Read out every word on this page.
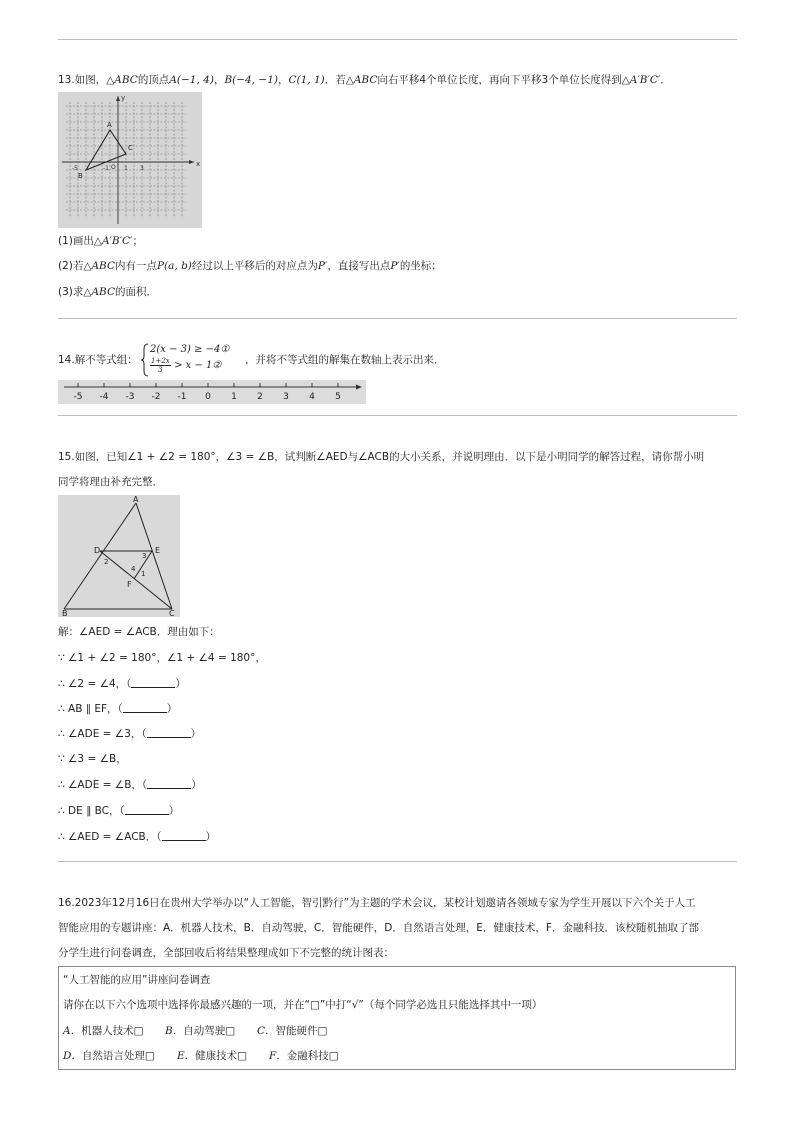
13.如图，△ABC的顶点A(−1, 4)，B(−4, −1)，C(1, 1)．若△ABC向右平移4个单位长度，再向下平移3个单位长度得到△A′B′C′．
x
y
A
B
C
-5	-1 O 1 3
(1)画出△A′B′C′；
(2)若△ABC内有一点P(a, b)经过以上平移后的对应点为P′，直接写出点P′的坐标；
(3)求△ABC的面积．
14.解不等式组：
2(x − 3) ≥ −4①
$\frac{1+2x}{3} > x$ − 1② ，并将不等式组的解集在数轴上表示出来．
-5 -4 -3 -2 -1 0 1 2 3 4 5
15.如图，已知∠1 + ∠2 = 180°，∠3 = ∠B，试判断∠AED与∠ACB的大小关系，并说明理由．以下是小明同学的解答过程，请你帮小明
同学将理由补充完整．
A
B	C
D	E
F
1
2
3
4
解：∠AED = ∠ACB．理由如下：
∵ ∠1 + ∠2 = 180°，∠1 + ∠4 = 180°，
∴ ∠2 = ∠4，（	）
∴ AB ∥ EF，（	）
∴ ∠ADE = ∠3，（	）
∵ ∠3 = ∠B，
∴ ∠ADE = ∠B，（	）
∴ DE ∥ BC，（	）
∴ ∠AED = ∠ACB．（	）
16.2023年12月16日在贵州大学举办以“人工智能，智引黔行”为主题的学术会议，某校计划邀请各领域专家为学生开展以下六个关于人工
智能应用的专题讲座：A．机器人技术，B．自动驾驶，C．智能硬件，D．自然语言处理，E．健康技术，F．金融科技．该校随机抽取了部
分学生进行问卷调查，全部回收后将结果整理成如下不完整的统计图表：
“人工智能的应用”讲座问卷调查
请你在以下六个选项中选择你最感兴趣的一项，并在“□”中打“√”（每个同学必选且只能选择其中一项）
A．机器人技术□ B．自动驾驶□ C．智能硬件□
D．自然语言处理□ E．健康技术□ F．金融科技□
